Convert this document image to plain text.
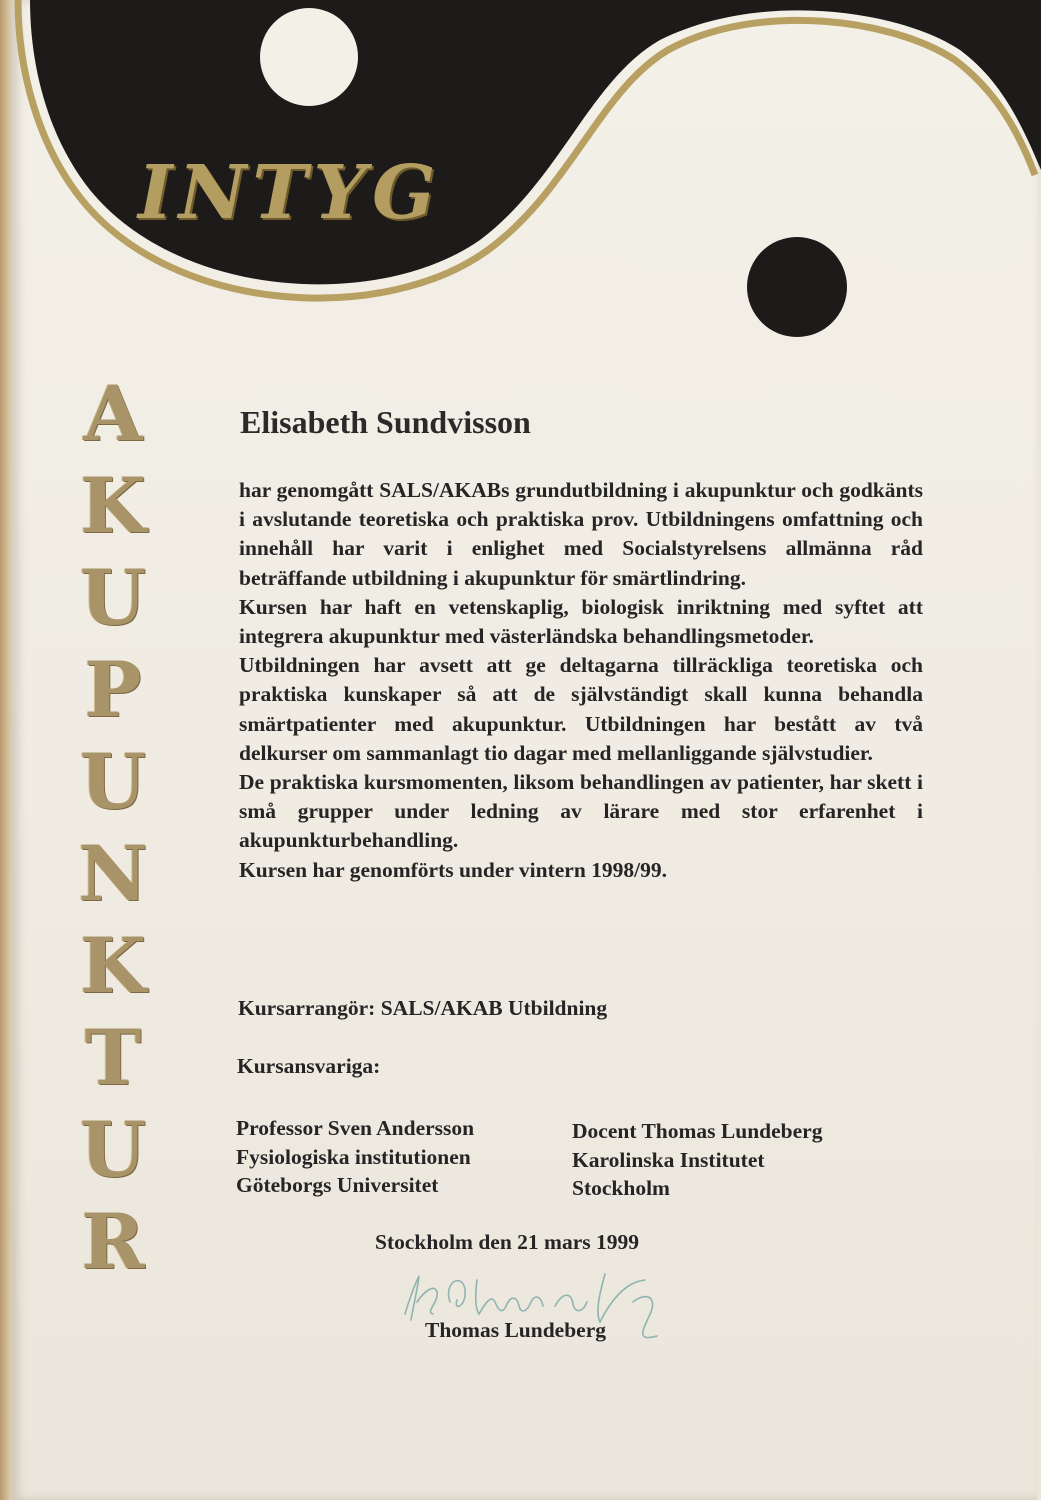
INTYG
A
K
U
P
U
N
K
T
U
R
Elisabeth Sundvisson

har genomgått SALS/AKABs grundutbildning i akupunktur och godkänts i avslutande teoretiska och praktiska prov. Utbildningens omfattning och innehåll har varit i enlighet med Socialstyrelsens allmänna råd beträffande utbildning i akupunktur för smärtlindring.

Kursen har haft en vetenskaplig, biologisk inriktning med syftet att integrera akupunktur med västerländska behandlingsmetoder.

Utbildningen har avsett att ge deltagarna tillräckliga teoretiska och praktiska kunskaper så att de självständigt skall kunna behandla smärtpatienter med akupunktur. Utbildningen har bestått av två delkurser om sammanlagt tio dagar med mellanliggande självstudier.

De praktiska kursmomenten, liksom behandlingen av patienter, har skett i små grupper under ledning av lärare med stor erfarenhet i akupunkturbehandling.

Kursen har genomförts under vintern 1998/99.

Kursarrangör: SALS/AKAB Utbildning
Kursansvariga:
Professor Sven Andersson
Fysiologiska institutionen
Göteborgs Universitet
Docent Thomas Lundeberg
Karolinska Institutet
Stockholm
Stockholm den 21 mars 1999
Thomas Lundeberg
